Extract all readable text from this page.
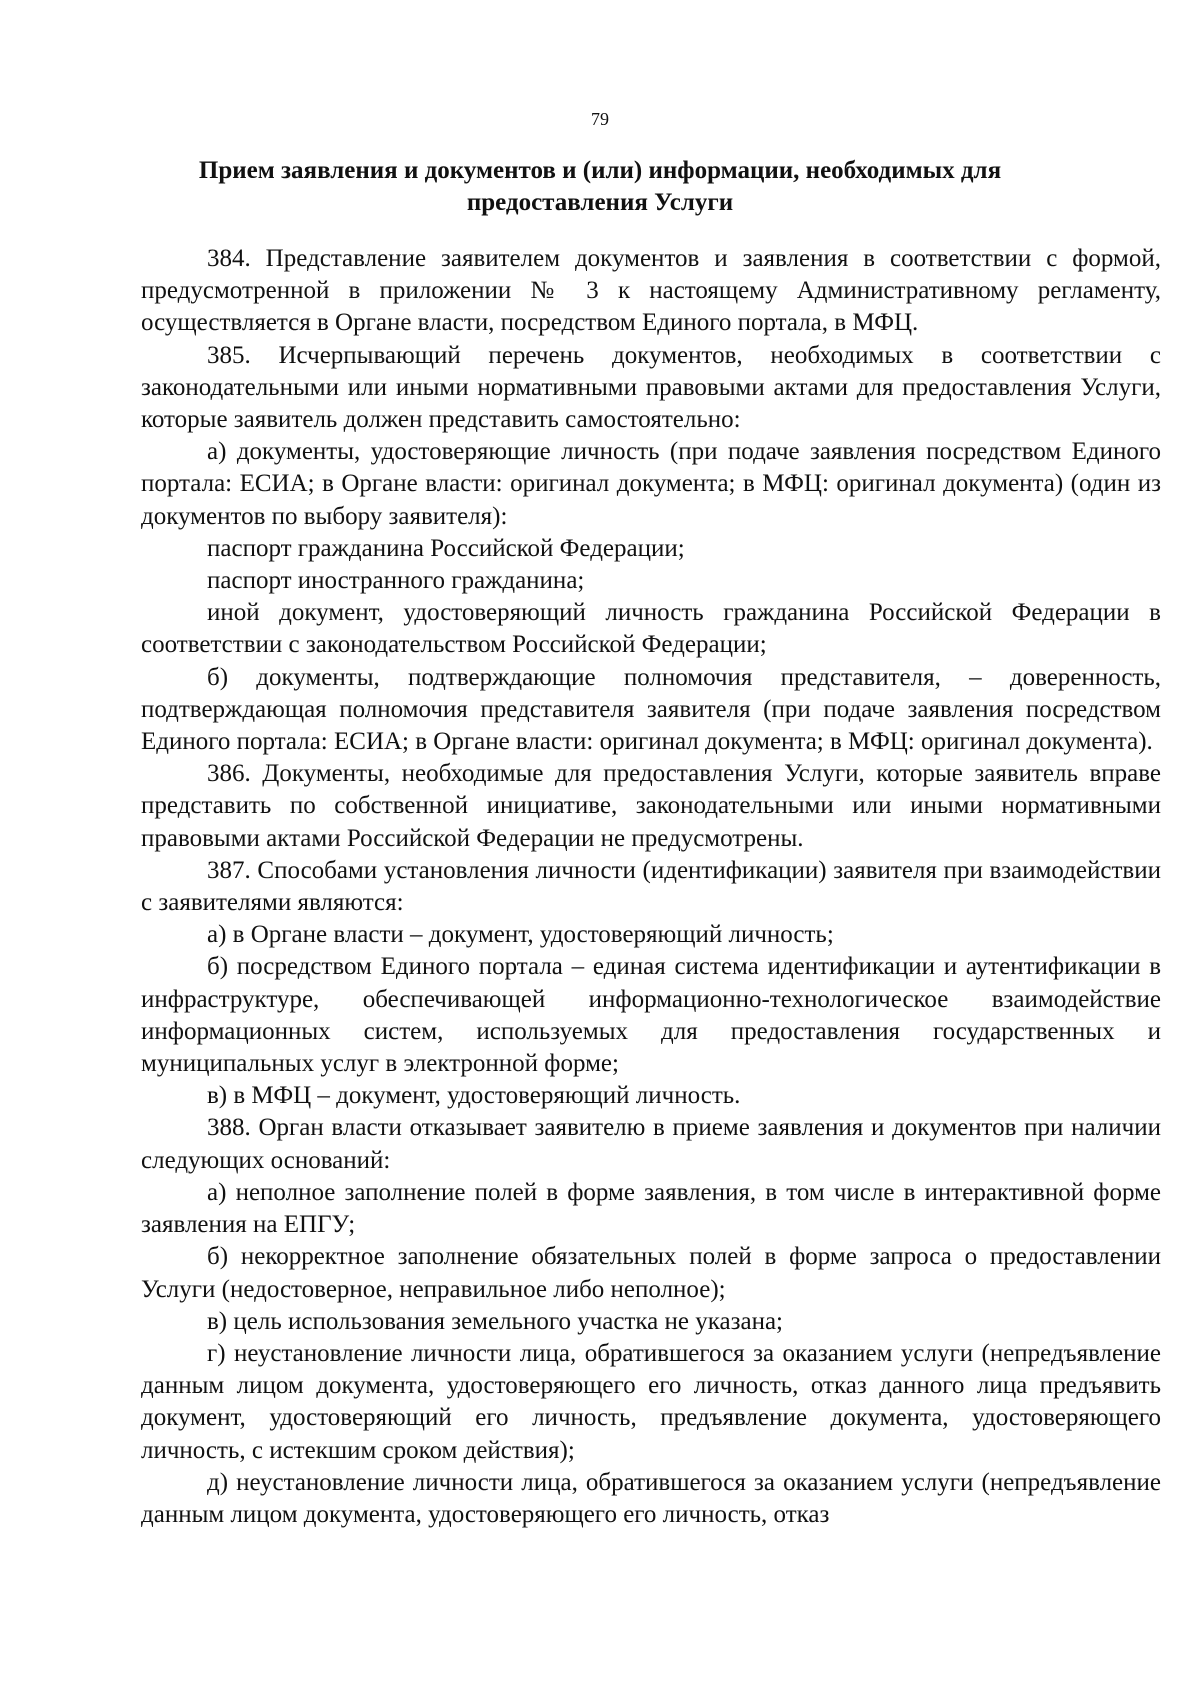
79
Прием заявления и документов и (или) информации, необходимых для предоставления Услуги

384. Представление заявителем документов и заявления в соответствии с формой, предусмотренной в приложении № 3 к настоящему Административному регламенту, осуществляется в Органе власти, посредством Единого портала, в МФЦ.

385. Исчерпывающий перечень документов, необходимых в соответствии с законодательными или иными нормативными правовыми актами для предоставления Услуги, которые заявитель должен представить самостоятельно:

а) документы, удостоверяющие личность (при подаче заявления посредством Единого портала: ЕСИА; в Органе власти: оригинал документа; в МФЦ: оригинал документа) (один из документов по выбору заявителя):

паспорт гражданина Российской Федерации;

паспорт иностранного гражданина;

иной документ, удостоверяющий личность гражданина Российской Федерации в соответствии с законодательством Российской Федерации;

б) документы, подтверждающие полномочия представителя, – доверенность, подтверждающая полномочия представителя заявителя (при подаче заявления посредством Единого портала: ЕСИА; в Органе власти: оригинал документа; в МФЦ: оригинал документа).

386. Документы, необходимые для предоставления Услуги, которые заявитель вправе представить по собственной инициативе, законодательными или иными нормативными правовыми актами Российской Федерации не предусмотрены.

387. Способами установления личности (идентификации) заявителя при взаимодействии с заявителями являются:

а) в Органе власти – документ, удостоверяющий личность;

б) посредством Единого портала – единая система идентификации и аутентификации в инфраструктуре, обеспечивающей информационно-технологическое взаимодействие информационных систем, используемых для предоставления государственных и муниципальных услуг в электронной форме;

в) в МФЦ – документ, удостоверяющий личность.

388. Орган власти отказывает заявителю в приеме заявления и документов при наличии следующих оснований:

а) неполное заполнение полей в форме заявления, в том числе в интерактивной форме заявления на ЕПГУ;

б) некорректное заполнение обязательных полей в форме запроса о предоставлении Услуги (недостоверное, неправильное либо неполное);

в) цель использования земельного участка не указана;

г) неустановление личности лица, обратившегося за оказанием услуги (непредъявление данным лицом документа, удостоверяющего его личность, отказ данного лица предъявить документ, удостоверяющий его личность, предъявление документа, удостоверяющего личность, с истекшим сроком действия);

д) неустановление личности лица, обратившегося за оказанием услуги (непредъявление данным лицом документа, удостоверяющего его личность, отказ
